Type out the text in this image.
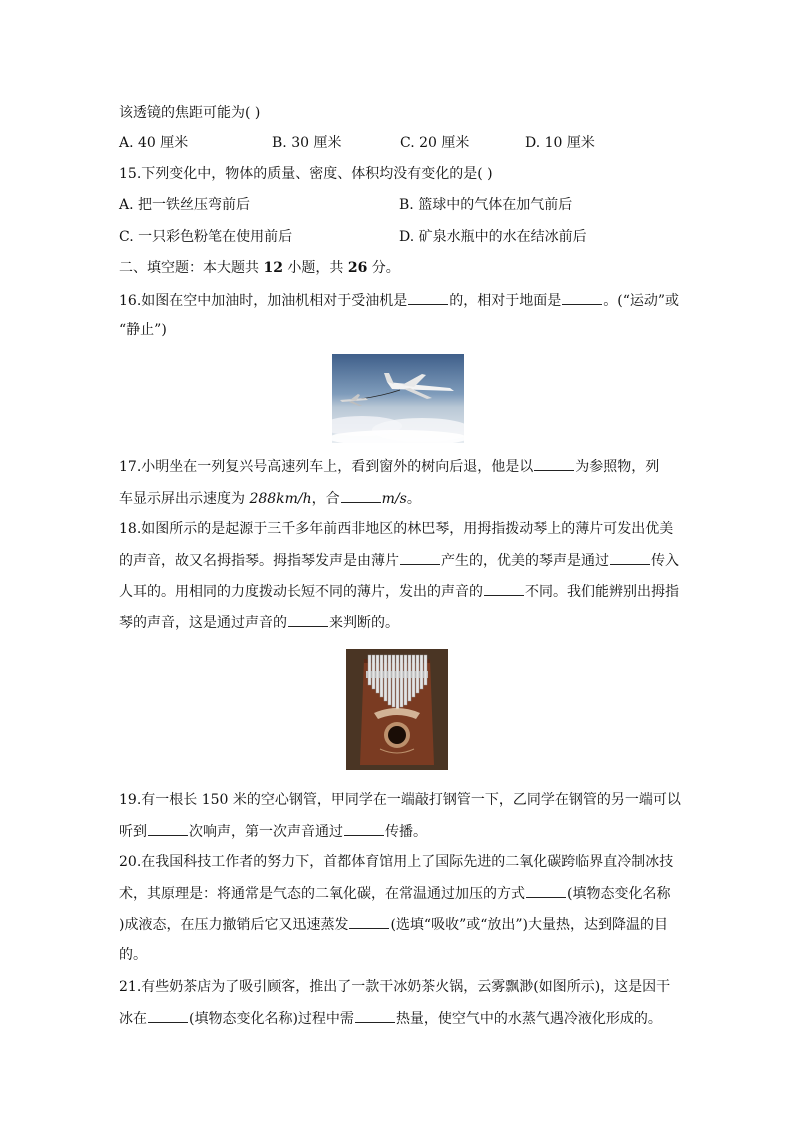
该透镜的焦距可能为( )
A. 40 厘米	B. 30 厘米	C. 20 厘米	D. 10 厘米
15.下列变化中，物体的质量、密度、体积均没有变化的是( )
A. 把一铁丝压弯前后	B. 篮球中的气体在加气前后
C. 一只彩色粉笔在使用前后	D. 矿泉水瓶中的水在结冰前后
二、填空题：本大题共 12 小题，共 26 分。
16.如图在空中加油时，加油机相对于受油机是	的，相对于地面是	。(“运动”或
“静止”)
17.小明坐在一列复兴号高速列车上，看到窗外的树向后退，他是以	为参照物，列
车显示屏出示速度为 288km/h，合	m/s。
18.如图所示的是起源于三千多年前西非地区的林巴琴，用拇指拨动琴上的薄片可发出优美
的声音，故又名拇指琴。拇指琴发声是由薄片	产生的，优美的琴声是通过	传入
人耳的。用相同的力度拨动长短不同的薄片，发出的声音的	不同。我们能辨别出拇指
琴的声音，这是通过声音的	来判断的。
19.有一根长 150 米的空心钢管，甲同学在一端敲打钢管一下，乙同学在钢管的另一端可以
听到	次响声，第一次声音通过	传播。
20.在我国科技工作者的努力下，首都体育馆用上了国际先进的二氧化碳跨临界直冷制冰技
术，其原理是：将通常是气态的二氧化碳，在常温通过加压的方式	(填物态变化名称
)成液态，在压力撤销后它又迅速蒸发	(选填“吸收”或“放出”)大量热，达到降温的目
的。
21.有些奶茶店为了吸引顾客，推出了一款干冰奶茶火锅，云雾飘渺(如图所示)，这是因干
冰在	(填物态变化名称)过程中需	热量，使空气中的水蒸气遇冷液化形成的。
